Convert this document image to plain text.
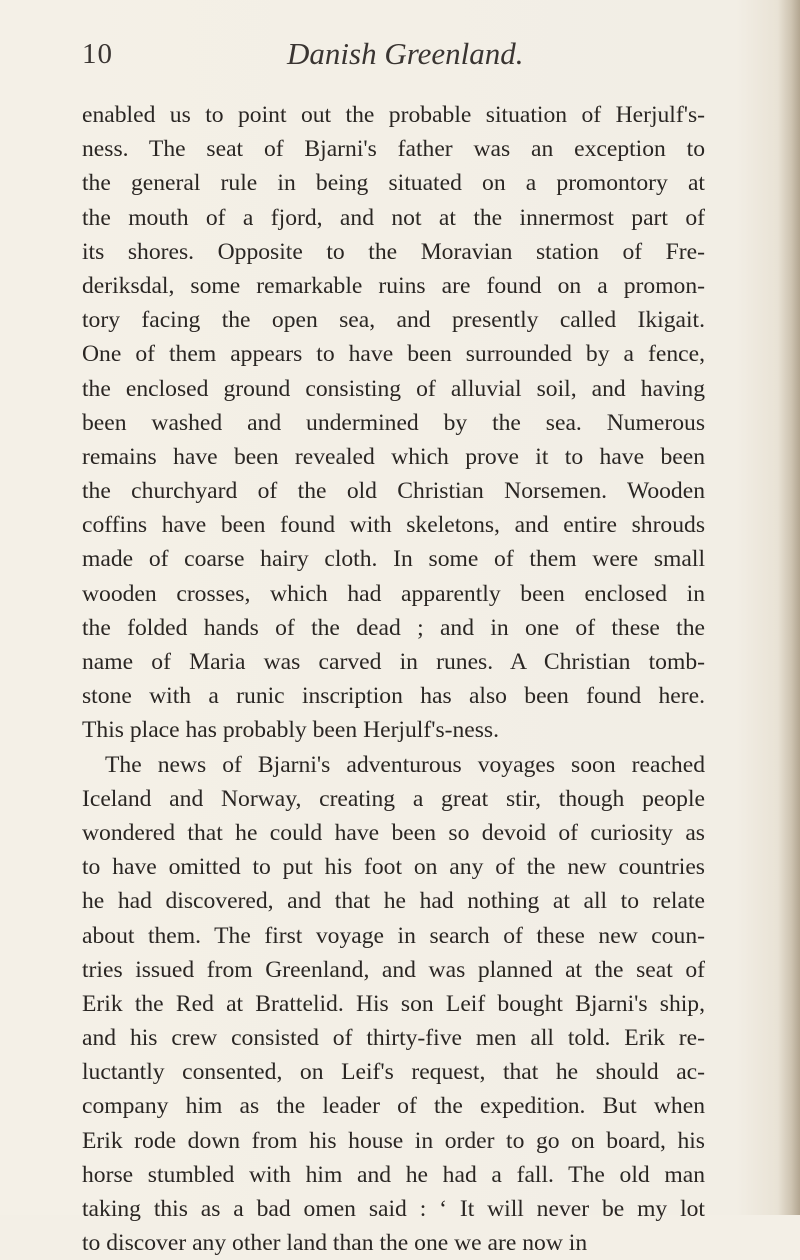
10	Danish Greenland.
enabled us to point out the probable situation of Herjulf's-
ness. The seat of Bjarni's father was an exception to
the general rule in being situated on a promontory at
the mouth of a fjord, and not at the innermost part of
its shores. Opposite to the Moravian station of Fre-
deriksdal, some remarkable ruins are found on a promon-
tory facing the open sea, and presently called Ikigait.
One of them appears to have been surrounded by a fence,
the enclosed ground consisting of alluvial soil, and having
been washed and undermined by the sea. Numerous
remains have been revealed which prove it to have been
the churchyard of the old Christian Norsemen. Wooden
coffins have been found with skeletons, and entire shrouds
made of coarse hairy cloth. In some of them were small
wooden crosses, which had apparently been enclosed in
the folded hands of the dead ; and in one of these the
name of Maria was carved in runes. A Christian tomb-
stone with a runic inscription has also been found here.
This place has probably been Herjulf's-ness.
The news of Bjarni's adventurous voyages soon reached
Iceland and Norway, creating a great stir, though people
wondered that he could have been so devoid of curiosity as
to have omitted to put his foot on any of the new countries
he had discovered, and that he had nothing at all to relate
about them. The first voyage in search of these new coun-
tries issued from Greenland, and was planned at the seat of
Erik the Red at Brattelid. His son Leif bought Bjarni's ship,
and his crew consisted of thirty-five men all told. Erik re-
luctantly consented, on Leif's request, that he should ac-
company him as the leader of the expedition. But when
Erik rode down from his house in order to go on board, his
horse stumbled with him and he had a fall. The old man
taking this as a bad omen said : ‘ It will never be my lot
to discover any other land than the one we are now in
